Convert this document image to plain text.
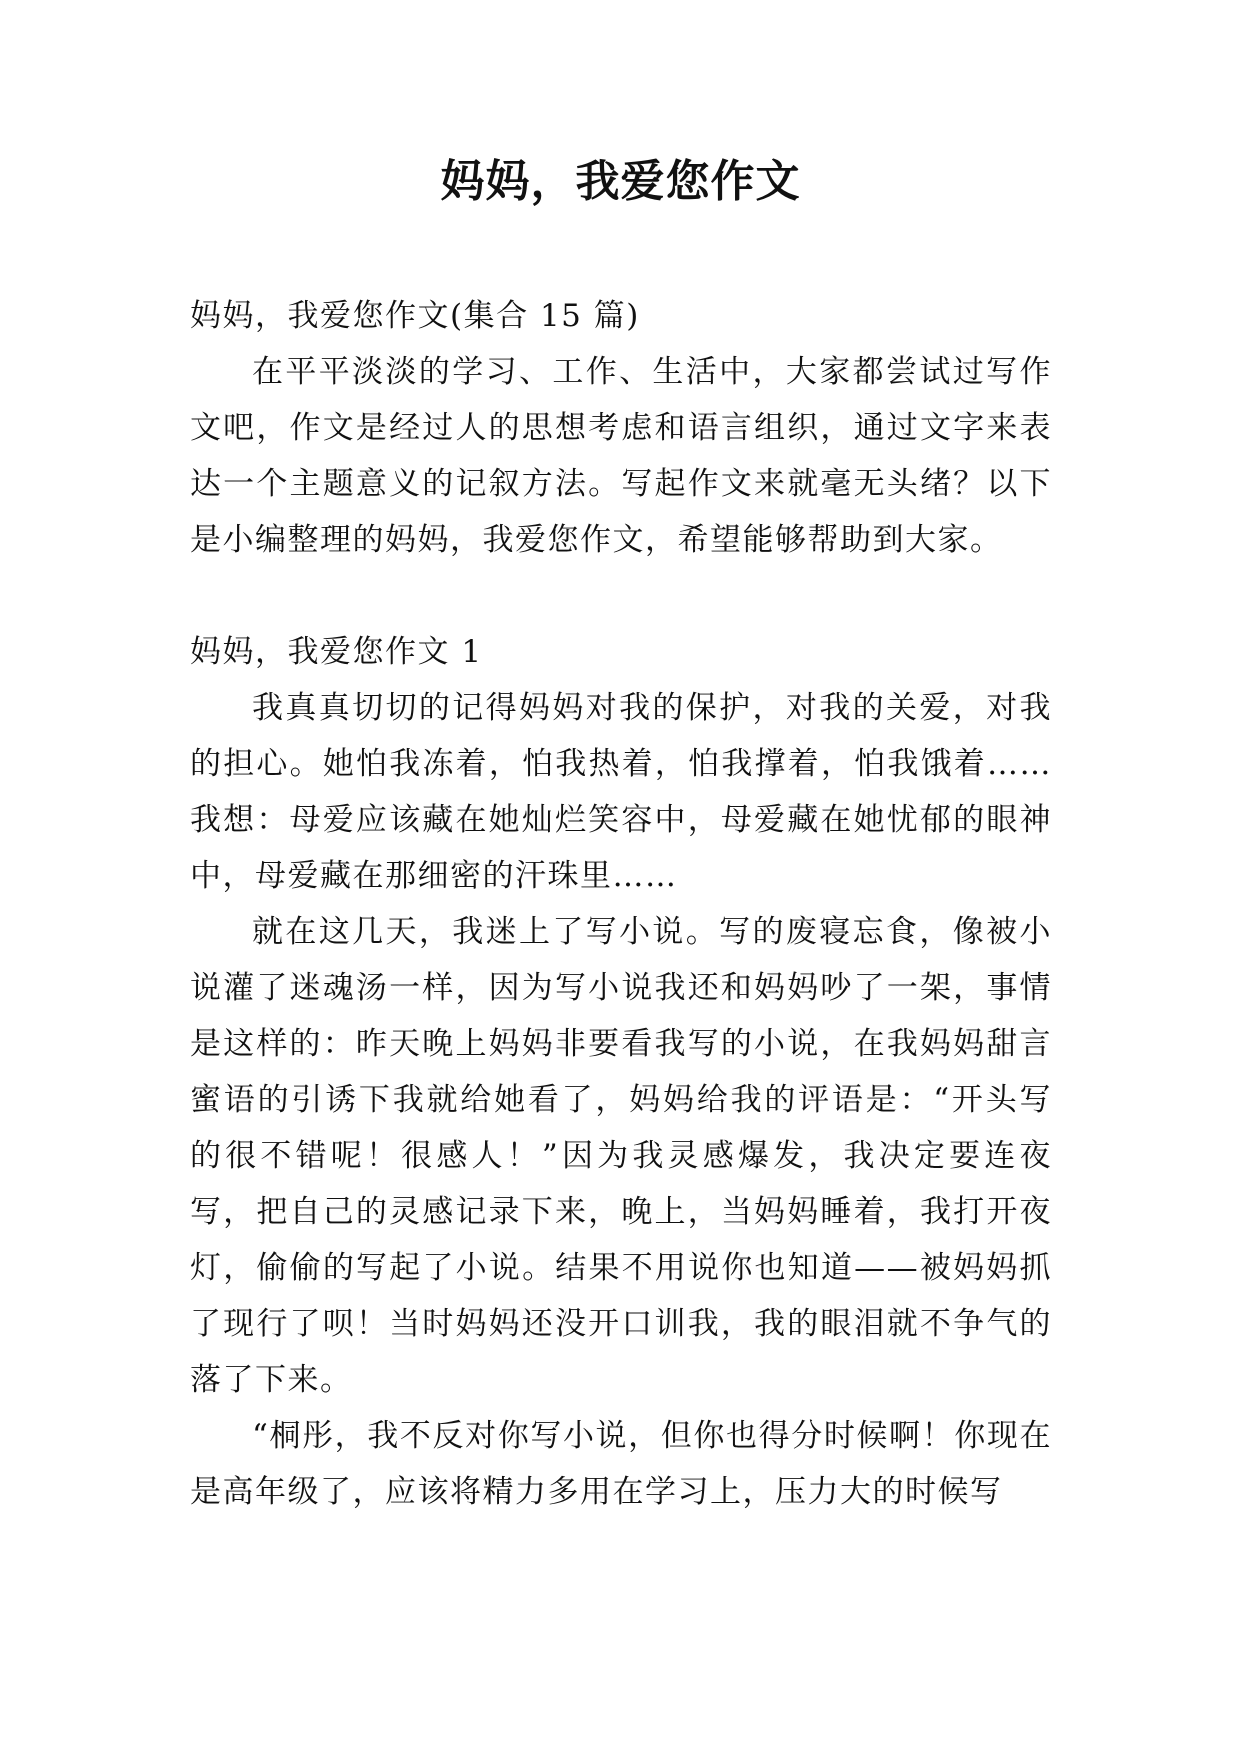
妈妈，我爱您作文

妈妈，我爱您作文(集合 15 篇)

在平平淡淡的学习、工作、生活中，大家都尝试过写作文吧，作文是经过人的思想考虑和语言组织，通过文字来表达一个主题意义的记叙方法。写起作文来就毫无头绪？以下是小编整理的妈妈，我爱您作文，希望能够帮助到大家。

妈妈，我爱您作文 1

我真真切切的记得妈妈对我的保护，对我的关爱，对我的担心。她怕我冻着，怕我热着，怕我撑着，怕我饿着……我想：母爱应该藏在她灿烂笑容中，母爱藏在她忧郁的眼神中，母爱藏在那细密的汗珠里……

就在这几天，我迷上了写小说。写的废寝忘食，像被小说灌了迷魂汤一样，因为写小说我还和妈妈吵了一架，事情是这样的：昨天晚上妈妈非要看我写的小说，在我妈妈甜言蜜语的引诱下我就给她看了，妈妈给我的评语是：“开头写的很不错呢！很感人！”因为我灵感爆发，我决定要连夜写，把自己的灵感记录下来，晚上，当妈妈睡着，我打开夜灯，偷偷的写起了小说。结果不用说你也知道——被妈妈抓了现行了呗！当时妈妈还没开口训我，我的眼泪就不争气的落了下来。

“桐彤，我不反对你写小说，但你也得分时候啊！你现在是高年级了，应该将精力多用在学习上，压力大的时候写
